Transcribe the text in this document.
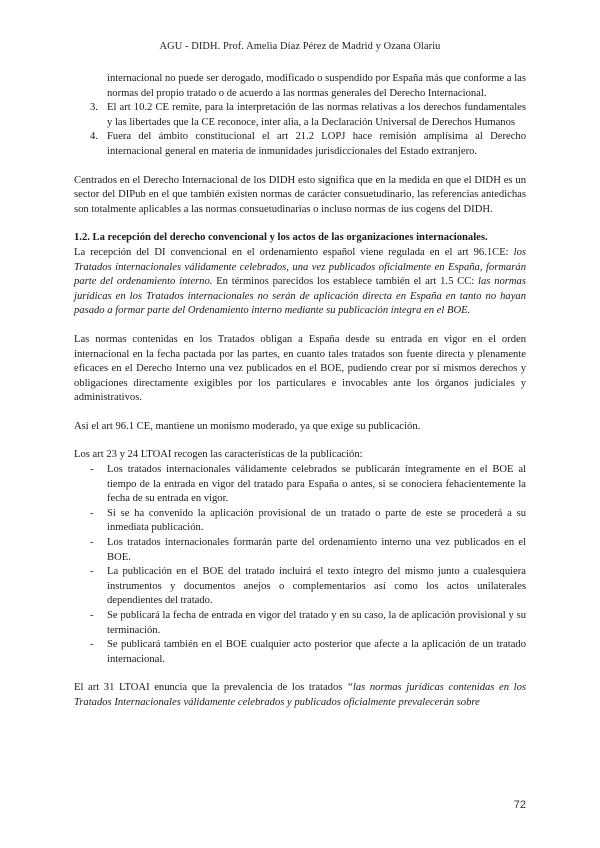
AGU - DIDH. Prof. Amelia Díaz Pérez de Madrid y Ozana Olariu

internacional no puede ser derogado, modificado o suspendido por España más que conforme a las normas del propio tratado o de acuerdo a las normas generales del Derecho Internacional.

3. El art 10.2 CE remite, para la interpretación de las normas relativas a los derechos fundamentales y las libertades que la CE reconoce, inter alia, a la Declaración Universal de Derechos Humanos
4. Fuera del ámbito constitucional el art 21.2 LOPJ hace remisión amplísima al Derecho internacional general en materia de inmunidades jurisdiccionales del Estado extranjero.

Centrados en el Derecho Internacional de los DIDH esto significa que en la medida en que el DIDH es un sector del DIPub en el que también existen normas de carácter consuetudinario, las referencias antedichas son totalmente aplicables a las normas consuetudinarias o incluso normas de ius cogens del DIDH.

1.2. La recepción del derecho convencional y los actos de las organizaciones internacionales.

La recepción del DI convencional en el ordenamiento español viene regulada en el art 96.1CE: los Tratados internacionales válidamente celebrados, una vez publicados oficialmente en España, formarán parte del ordenamiento interno. En términos parecidos los establece también el art 1.5 CC: las normas jurídicas en los Tratados internacionales no serán de aplicación directa en España en tanto no hayan pasado a formar parte del Ordenamiento interno mediante su publicación íntegra en el BOE.

Las normas contenidas en los Tratados obligan a España desde su entrada en vigor en el orden internacional en la fecha pactada por las partes, en cuanto tales tratados son fuente directa y plenamente eficaces en el Derecho Interno una vez publicados en el BOE, pudiendo crear por sí mismos derechos y obligaciones directamente exigibles por los particulares e invocables ante los órganos judiciales y administrativos.

Así el art 96.1 CE, mantiene un monismo moderado, ya que exige su publicación.

Los art 23 y 24 LTOAI recogen las características de la publicación:

- Los tratados internacionales válidamente celebrados se publicarán íntegramente en el BOE al tiempo de la entrada en vigor del tratado para España o antes, si se conociera fehacientemente la fecha de su entrada en vigor.
- Si se ha convenido la aplicación provisional de un tratado o parte de este se procederá a su inmediata publicación.
- Los tratados internacionales formarán parte del ordenamiento interno una vez publicados en el BOE.
- La publicación en el BOE del tratado incluirá el texto íntegro del mismo junto a cualesquiera instrumentos y documentos anejos o complementarios así como los actos unilaterales dependientes del tratado.
- Se publicará la fecha de entrada en vigor del tratado y en su caso, la de aplicación provisional y su terminación.
- Se publicará también en el BOE cualquier acto posterior que afecte a la aplicación de un tratado internacional.

El art 31 LTOAI enuncia que la prevalencia de los tratados “las normas jurídicas contenidas en los Tratados Internacionales válidamente celebrados y publicados oficialmente prevalecerán sobre

72
